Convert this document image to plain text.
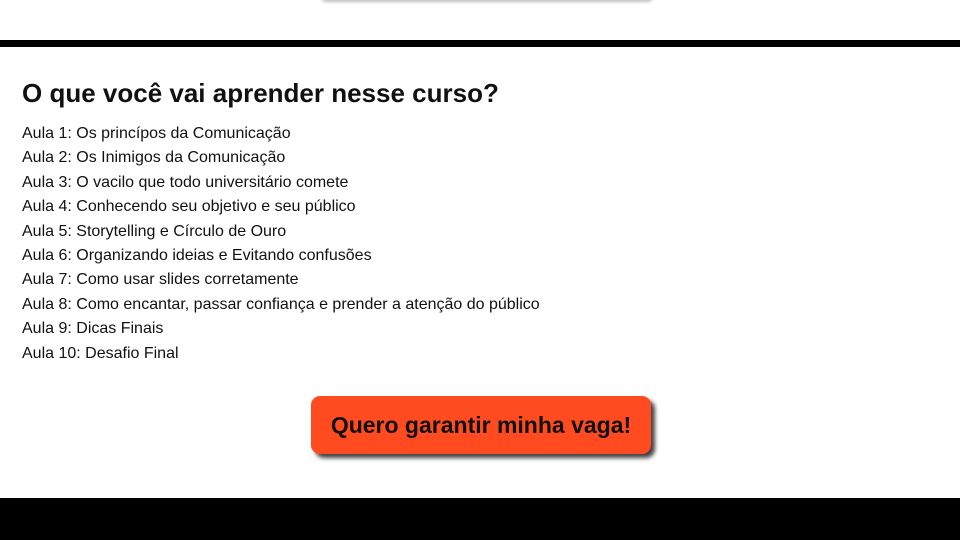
O que você vai aprender nesse curso?
Aula 1: Os princípos da Comunicação
Aula 2: Os Inimigos da Comunicação
Aula 3: O vacilo que todo universitário comete
Aula 4: Conhecendo seu objetivo e seu público
Aula 5: Storytelling e Círculo de Ouro
Aula 6: Organizando ideias e Evitando confusões
Aula 7: Como usar slides corretamente
Aula 8: Como encantar, passar confiança e prender a atenção do público
Aula 9: Dicas Finais
Aula 10: Desafio Final
Quero garantir minha vaga!
